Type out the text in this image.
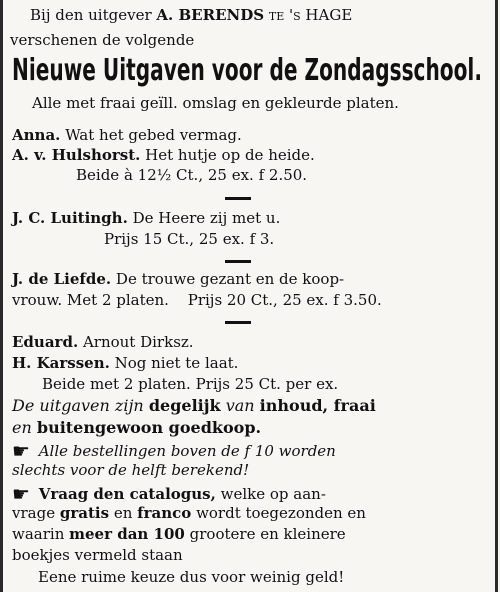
Bij den uitgever A. BERENDS te 's HAGE
verschenen de volgende
Nieuwe Uitgaven voor de Zondagsschool.
Alle met fraai geïll. omslag en gekleurde platen.
Anna. Wat het gebed vermag.
A. v. Hulshorst. Het hutje op de heide.
Beide à 12½ Ct., 25 ex. f 2.50.
J. C. Luitingh. De Heere zij met u.
Prijs 15 Ct., 25 ex. f 3.
J. de Liefde. De trouwe gezant en de koop-
vrouw. Met 2 platen. Prijs 20 Ct., 25 ex. f 3.50.
Eduard. Arnout Dirksz.
H. Karssen. Nog niet te laat.
Beide met 2 platen. Prijs 25 Ct. per ex.
De uitgaven zijn degelijk van inhoud, fraai
en buitengewoon goedkoop.
☛ Alle bestellingen boven de f 10 worden
slechts voor de helft berekend!
☛ Vraag den catalogus, welke op aan-
vrage gratis en franco wordt toegezonden en
waarin meer dan 100 grootere en kleinere
boekjes vermeld staan
Eene ruime keuze dus voor weinig geld!
